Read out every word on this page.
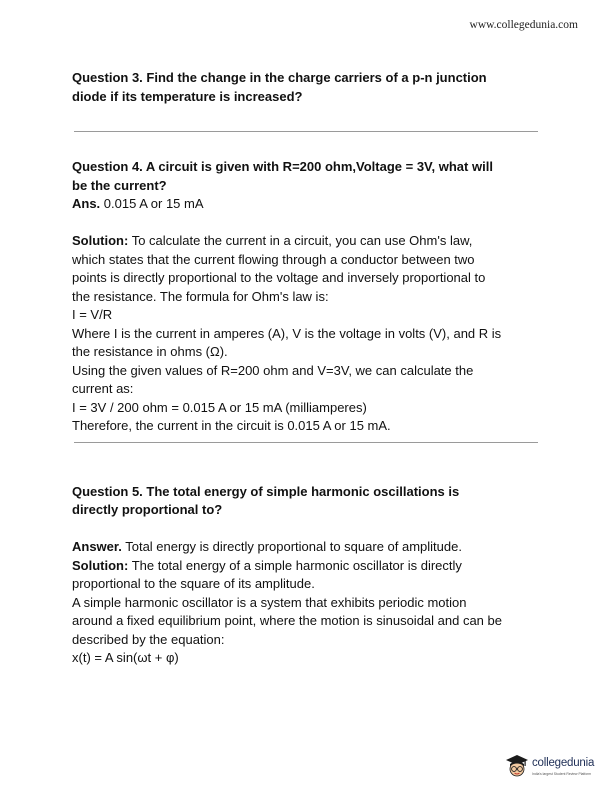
www.collegedunia.com
Question 3. Find the change in the charge carriers of a p-n junction
diode if its temperature is increased?
Question 4. A circuit is given with R=200 ohm,Voltage = 3V, what will
be the current?
Ans. 0.015 A or 15 mA
Solution: To calculate the current in a circuit, you can use Ohm's law,
which states that the current flowing through a conductor between two
points is directly proportional to the voltage and inversely proportional to
the resistance. The formula for Ohm's law is:
I = V/R
Where I is the current in amperes (A), V is the voltage in volts (V), and R is
the resistance in ohms (Ω).
Using the given values of R=200 ohm and V=3V, we can calculate the
current as:
I = 3V / 200 ohm = 0.015 A or 15 mA (milliamperes)
Therefore, the current in the circuit is 0.015 A or 15 mA.
Question 5. The total energy of simple harmonic oscillations is
directly proportional to?
Answer. Total energy is directly proportional to square of amplitude.
Solution: The total energy of a simple harmonic oscillator is directly
proportional to the square of its amplitude.
A simple harmonic oscillator is a system that exhibits periodic motion
around a fixed equilibrium point, where the motion is sinusoidal and can be
described by the equation:
x(t) = A sin(ωt + φ)
collegedunia
India's largest Student Review Platform
